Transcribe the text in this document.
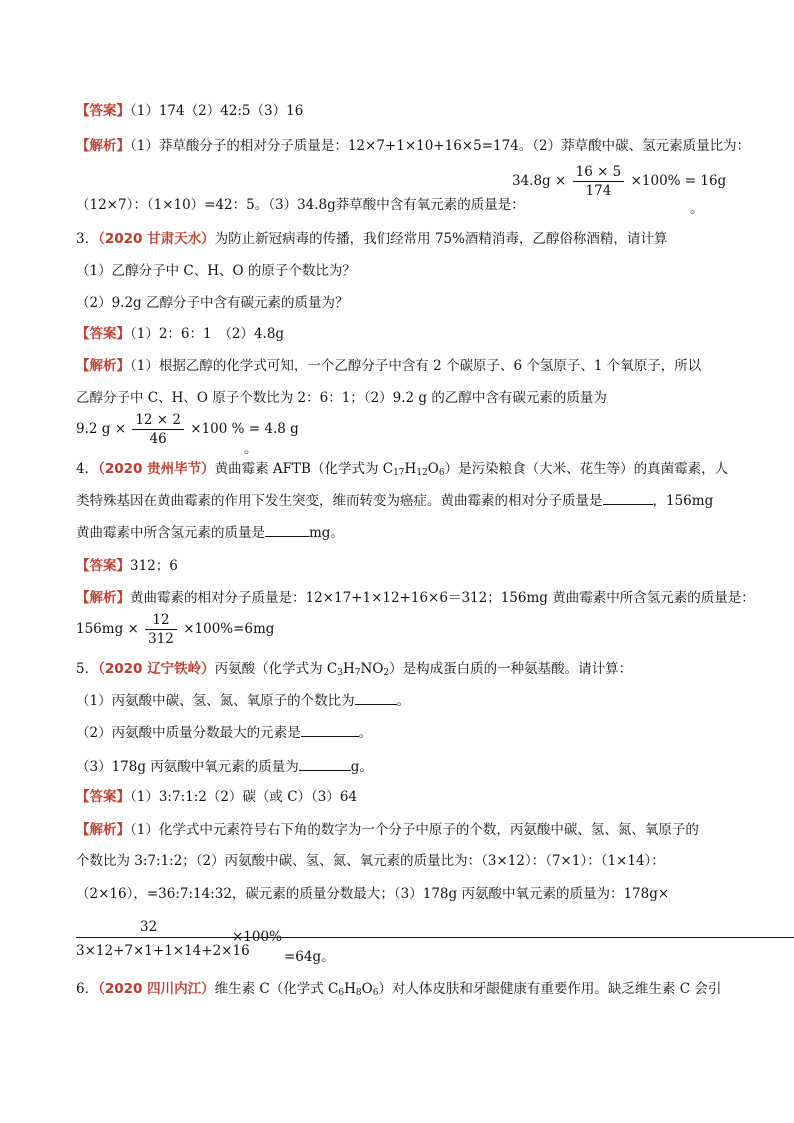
【答案】（1）174（2）42:5（3）16
【解析】（1）莽草酸分子的相对分子质量是：12×7+1×10+16×5=174。（2）莽草酸中碳、氢元素质量比为：
$34.8g \times \frac{16 \times 5}{174} \times 100\% = 16g$
（12×7）：（1×10）=42：5。（3）34.8g莽草酸中含有氧元素的质量是：	。
3．（2020 甘肃天水）为防止新冠病毒的传播，我们经常用 75%酒精消毒，乙醇俗称酒精，请计算
（1）乙醇分子中 C、H、O 的原子个数比为？
（2）9.2g 乙醇分子中含有碳元素的质量为？
【答案】（1）2：6：1　（2）4.8g
【解析】（1）根据乙醇的化学式可知，一个乙醇分子中含有 2 个碳原子、6 个氢原子、1 个氧原子，所以
乙醇分子中 C、H、O 原子个数比为 2：6：1；（2）9.2 g 的乙醇中含有碳元素的质量为
9.2 $g \times \frac{12 \times 2}{46} \times 100$ % = 4.8 g
。
4．（2020 贵州毕节）黄曲霉素 AFTB（化学式为 $C_{17}H_{12}O_6$）是污染粮食（大米、花生等）的真菌霉素，人
类特殊基因在黄曲霉素的作用下发生突变，维而转变为癌症。黄曲霉素的相对分子质量是	，156mg
黄曲霉素中所含氢元素的质量是	mg。
【答案】312；6
【解析】黄曲霉素的相对分子质量是：12×17+1×12+16×6＝312；156mg 黄曲霉素中所含氢元素的质量是：
$156mg \times \frac{12}{312} \times 100\%=6mg$
5．（2020 辽宁铁岭）丙氨酸（化学式为 $C_3H_7NO_2$）是构成蛋白质的一种氨基酸。请计算：
（1）丙氨酸中碳、氢、氮、氧原子的个数比为	。
（2）丙氨酸中质量分数最大的元素是	。
（3）178g 丙氨酸中氧元素的质量为	g。
【答案】（1）3:7:1:2（2）碳（或 C）（3）64
【解析】（1）化学式中元素符号右下角的数字为一个分子中原子的个数，丙氨酸中碳、氢、氮、氧原子的
个数比为 3:7:1:2；（2）丙氨酸中碳、氢、氮、氧元素的质量比为：（3×12）：（7×1）：（1×14）：
（2×16），=36:7:14:32，碳元素的质量分数最大；（3）178g 丙氨酸中氧元素的质量为：178g×
32
×100%
3×12+7×1+1×14+2×16	=64g。
6．（2020 四川内江）维生素 C（化学式 $C_6H_8O_6$）对人体皮肤和牙龈健康有重要作用。缺乏维生素 C 会引
